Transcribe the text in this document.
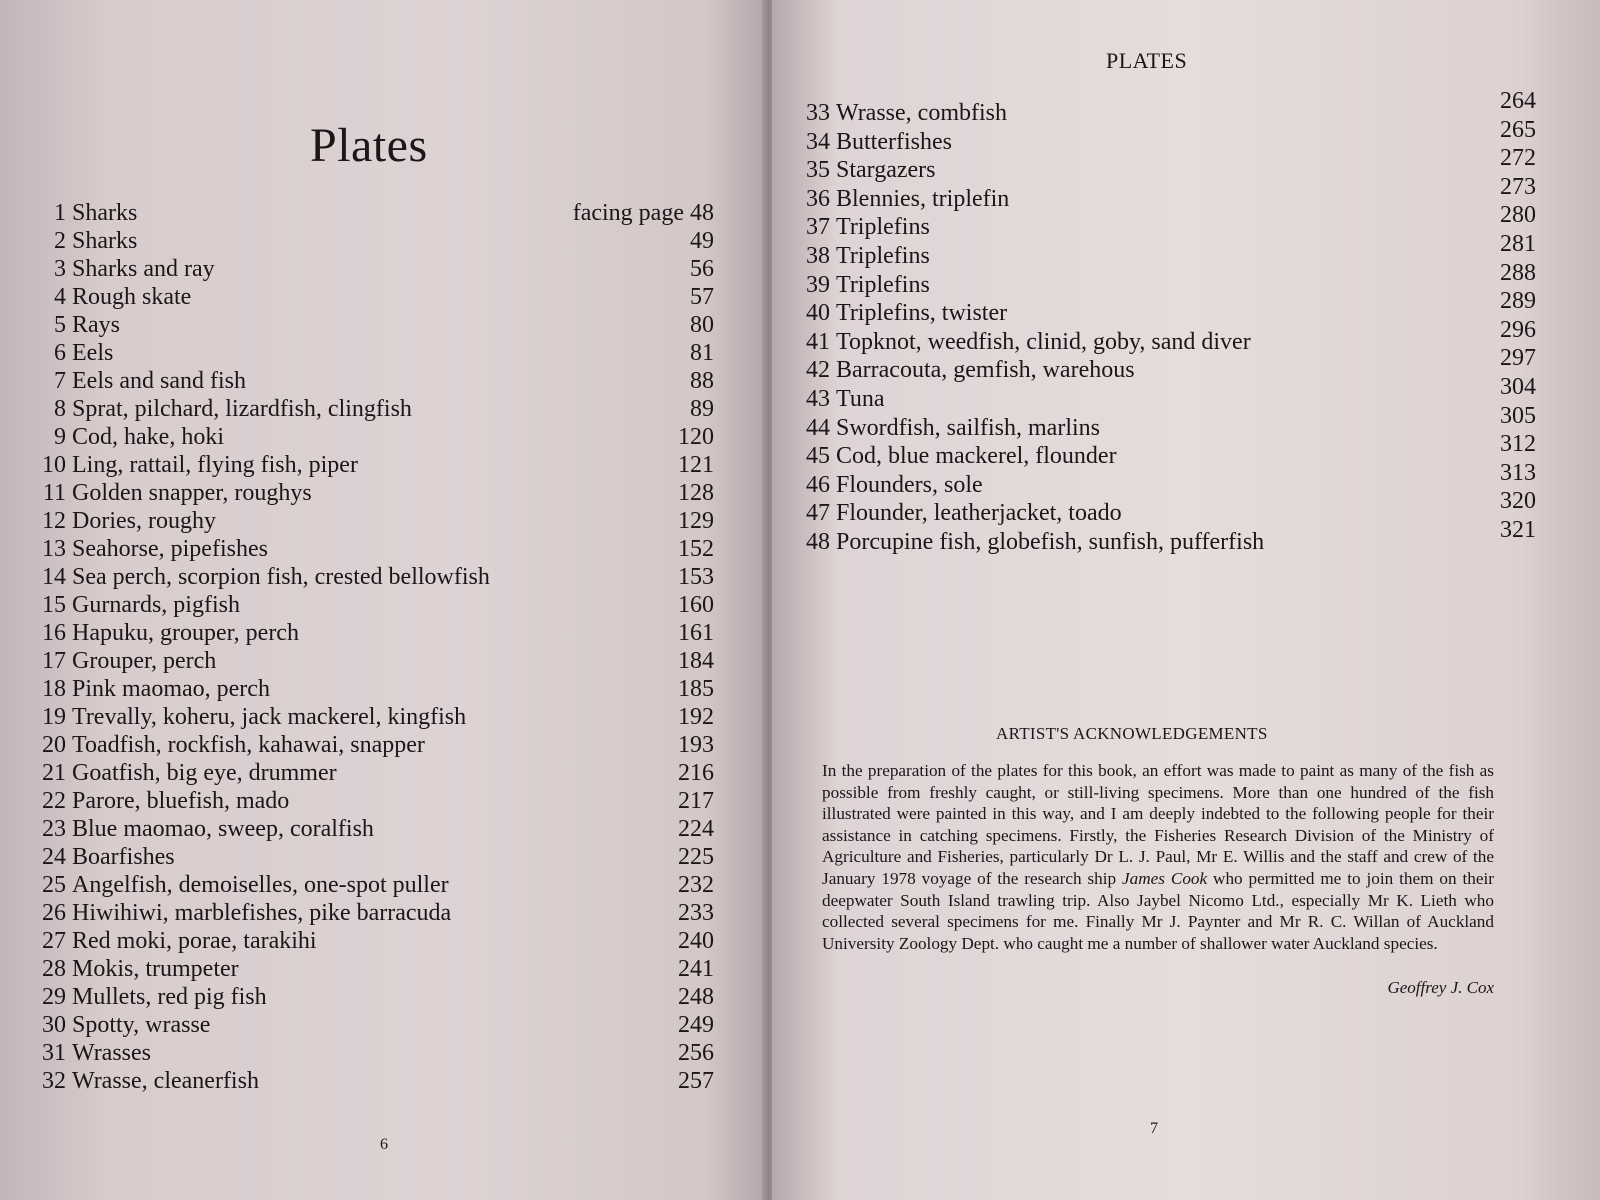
Plates
1 Sharks	facing page 48
2 Sharks	49
3 Sharks and ray	56
4 Rough skate	57
5 Rays	80
6 Eels	81
7 Eels and sand fish	88
8 Sprat, pilchard, lizardfish, clingfish	89
9 Cod, hake, hoki	120
10 Ling, rattail, flying fish, piper	121
11 Golden snapper, roughys	128
12 Dories, roughy	129
13 Seahorse, pipefishes	152
14 Sea perch, scorpion fish, crested bellowfish	153
15 Gurnards, pigfish	160
16 Hapuku, grouper, perch	161
17 Grouper, perch	184
18 Pink maomao, perch	185
19 Trevally, koheru, jack mackerel, kingfish	192
20 Toadfish, rockfish, kahawai, snapper	193
21 Goatfish, big eye, drummer	216
22 Parore, bluefish, mado	217
23 Blue maomao, sweep, coralfish	224
24 Boarfishes	225
25 Angelfish, demoiselles, one-spot puller	232
26 Hiwihiwi, marblefishes, pike barracuda	233
27 Red moki, porae, tarakihi	240
28 Mokis, trumpeter	241
29 Mullets, red pig fish	248
30 Spotty, wrasse	249
31 Wrasses	256
32 Wrasse, cleanerfish	257
6
PLATES
33 Wrasse, combfish	264
34 Butterfishes	265
35 Stargazers	272
36 Blennies, triplefin	273
37 Triplefins	280
38 Triplefins	281
39 Triplefins	288
40 Triplefins, twister	289
41 Topknot, weedfish, clinid, goby, sand diver	296
42 Barracouta, gemfish, warehous	297
43 Tuna	304
44 Swordfish, sailfish, marlins	305
45 Cod, blue mackerel, flounder	312
46 Flounders, sole	313
47 Flounder, leatherjacket, toado	320
48 Porcupine fish, globefish, sunfish, pufferfish	321
ARTIST'S ACKNOWLEDGEMENTS
In the preparation of the plates for this book, an effort was made to paint as many of the fish as possible from freshly caught, or still-living specimens. More than one hundred of the fish illustrated were painted in this way, and I am deeply indebted to the following people for their assistance in catching specimens. Firstly, the Fisheries Research Division of the Ministry of Agriculture and Fisheries, particularly Dr L. J. Paul, Mr E. Willis and the staff and crew of the January 1978 voyage of the research ship James Cook who permitted me to join them on their deepwater South Island trawling trip. Also Jaybel Nicomo Ltd., especially Mr K. Lieth who collected several specimens for me. Finally Mr J. Paynter and Mr R. C. Willan of Auckland University Zoology Dept. who caught me a number of shallower water Auckland species.
Geoffrey J. Cox
7
